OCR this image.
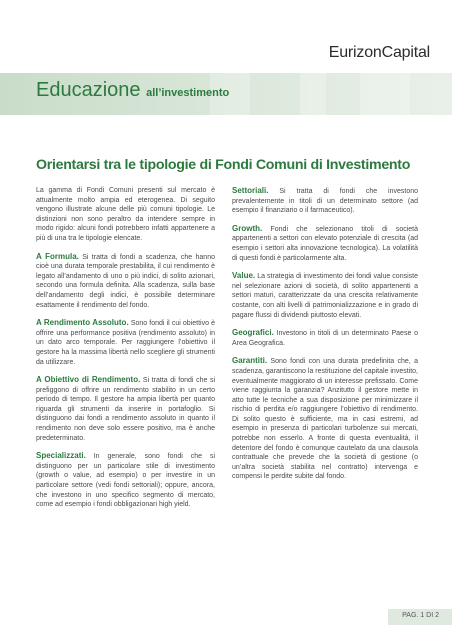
EurizonCapital
Educazione all’investimento
Orientarsi tra le tipologie di Fondi Comuni di Investimento

La gamma di Fondi Comuni presenti sul mercato è attualmente molto ampia ed eterogenea. Di seguito vengono illustrate alcune delle più comuni tipologie. Le distinzioni non sono peraltro da intendere sempre in modo rigido: alcuni fondi potrebbero infatti appartenere a più di una tra le tipologie elencate.

A Formula. Si tratta di fondi a scadenza, che hanno cioè una durata temporale prestabilita, il cui rendimento è legato all’andamento di uno o più indici, di solito azionari, secondo una formula definita. Alla scadenza, sulla base dell’andamento degli indici, è possibile determinare esattamente il rendimento del fondo.

A Rendimento Assoluto. Sono fondi il cui obiettivo è offrire una performance positiva (rendimento assoluto) in un dato arco temporale. Per raggiungere l’obiettivo il gestore ha la massima libertà nello scegliere gli strumenti da utilizzare.

A Obiettivo di Rendimento. Si tratta di fondi che si prefiggono di offrire un rendimento stabilito in un certo periodo di tempo. Il gestore ha ampia libertà per quanto riguarda gli strumenti da inserire in portafoglio. Si distinguono dai fondi a rendimento assoluto in quanto il rendimento non deve solo essere positivo, ma è anche predeterminato.

Specializzati. In generale, sono fondi che si distinguono per un particolare stile di investimento (growth o value, ad esempio) o per investire in un particolare settore (vedi fondi settoriali); oppure, ancora, che investono in uno specifico segmento di mercato, come ad esempio i fondi obbligazionari high yield.

Settoriali. Si tratta di fondi che investono prevalentemente in titoli di un determinato settore (ad esempio il finanziario o il farmaceutico).

Growth. Fondi che selezionano titoli di società appartenenti a settori con elevato potenziale di crescita (ad esempio i settori alta innovazione tecnologica). La volatilità di questi fondi è particolarmente alta.

Value. La strategia di investimento dei fondi value consiste nel selezionare azioni di società, di solito appartenenti a settori maturi, caratterizzate da una crescita relativamente costante, con alti livelli di patrimonializzazione e in grado di pagare flussi di dividendi piuttosto elevati.

Geografici. Investono in titoli di un determinato Paese o Area Geografica.

Garantiti. Sono fondi con una durata predefinita che, a scadenza, garantiscono la restituzione del capitale investito, eventualmente maggiorato di un interesse prefissato. Come viene raggiunta la garanzia? Anzitutto il gestore mette in atto tutte le tecniche a sua disposizione per minimizzare il rischio di perdita e/o raggiungere l’obiettivo di rendimento. Di solito questo è sufficiente, ma in casi estremi, ad esempio in presenza di particolari turbolenze sui mercati, potrebbe non esserlo. A fronte di questa eventualità, il detentore del fondo è comunque cautelato da una clausola contrattuale che prevede che la società di gestione (o un’altra società stabilita nel contratto) intervenga e compensi le perdite subite dal fondo.

PAG. 1 DI 2
